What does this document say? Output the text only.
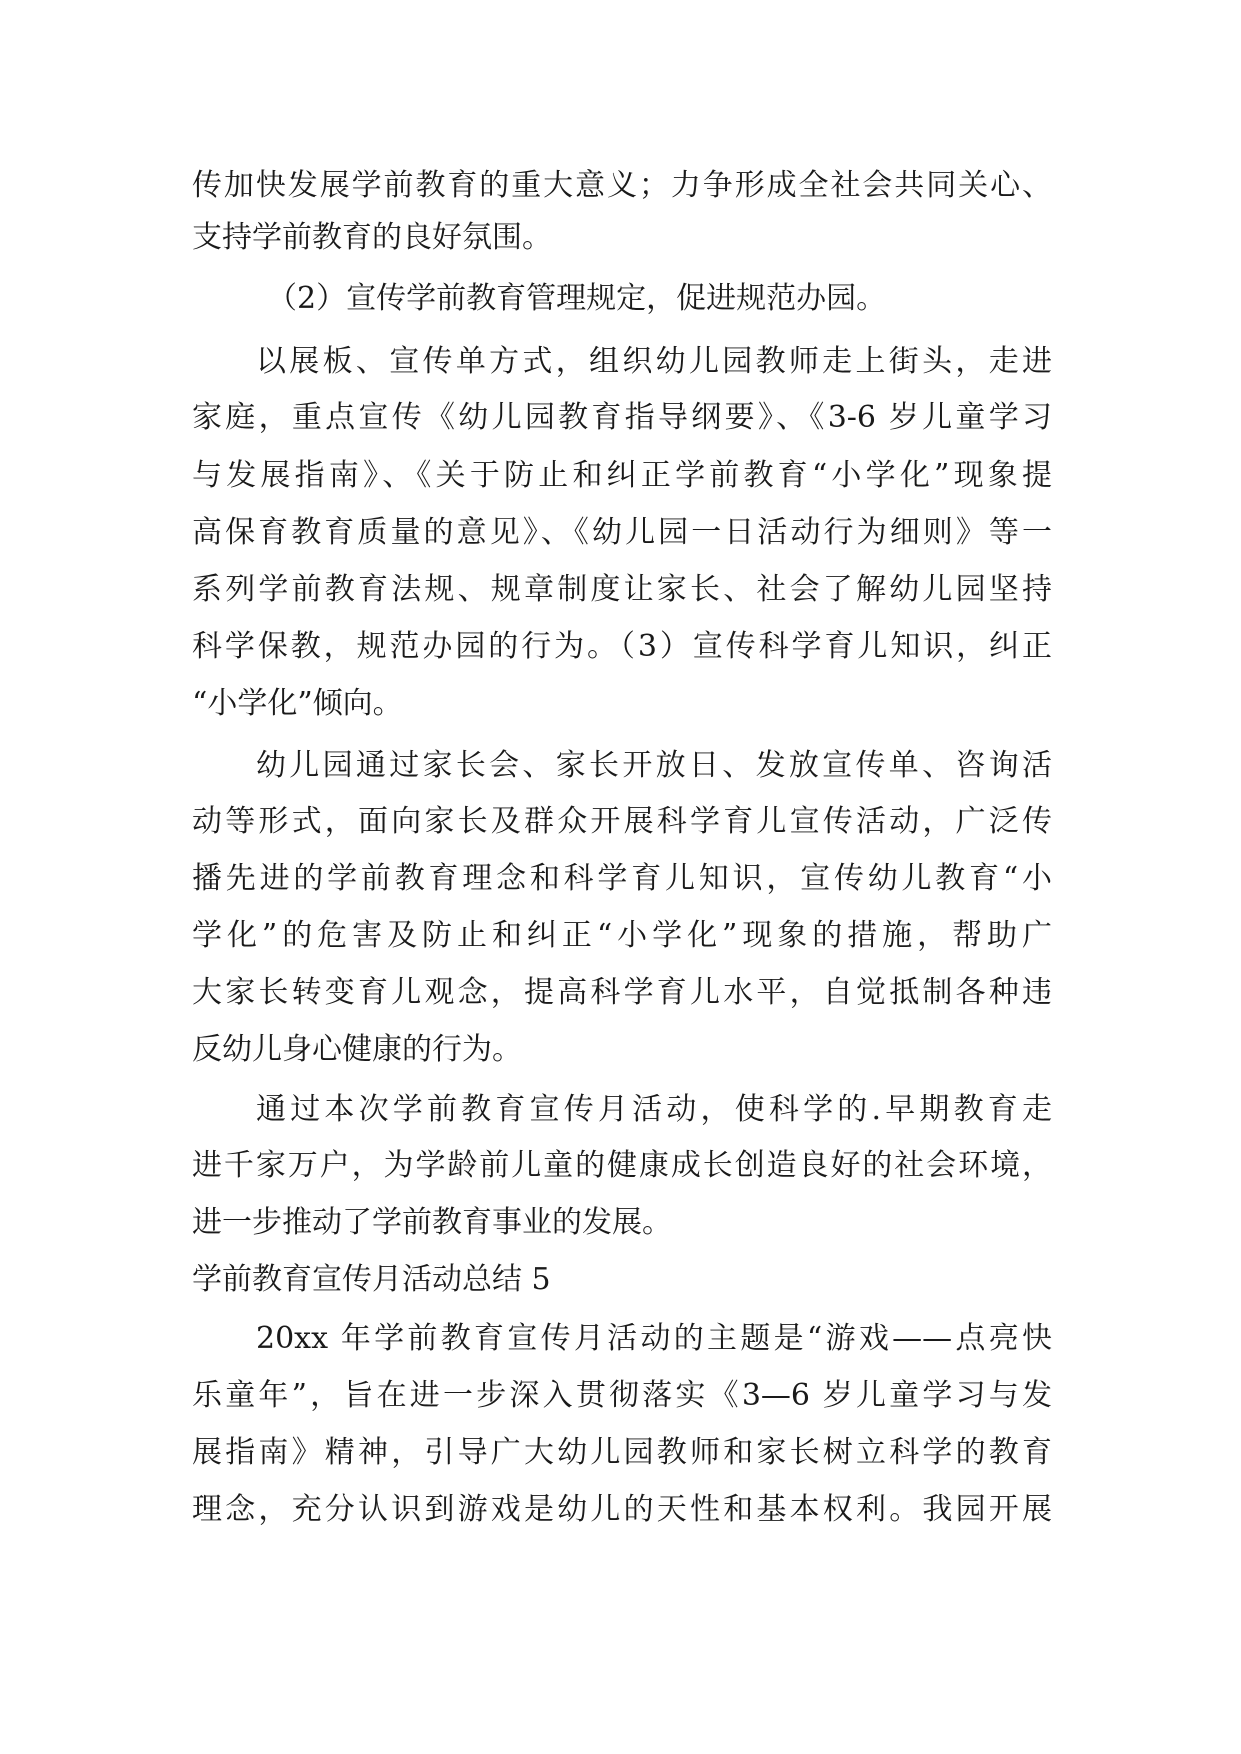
传加快发展学前教育的重大意义；力争形成全社会共同关心、
支持学前教育的良好氛围。
（2）宣传学前教育管理规定，促进规范办园。
以展板、宣传单方式，组织幼儿园教师走上街头，走进
家庭，重点宣传《幼儿园教育指导纲要》、《3-6 岁儿童学习
与发展指南》、《关于防止和纠正学前教育“小学化”现象提
高保育教育质量的意见》、《幼儿园一日活动行为细则》等一
系列学前教育法规、规章制度让家长、社会了解幼儿园坚持
科学保教，规范办园的行为。（3）宣传科学育儿知识，纠正
“小学化”倾向。
幼儿园通过家长会、家长开放日、发放宣传单、咨询活
动等形式，面向家长及群众开展科学育儿宣传活动，广泛传
播先进的学前教育理念和科学育儿知识，宣传幼儿教育“小
学化”的危害及防止和纠正“小学化”现象的措施，帮助广
大家长转变育儿观念，提高科学育儿水平，自觉抵制各种违
反幼儿身心健康的行为。
通过本次学前教育宣传月活动，使科学的.早期教育走
进千家万户，为学龄前儿童的健康成长创造良好的社会环境，
进一步推动了学前教育事业的发展。
学前教育宣传月活动总结 5
20xx 年学前教育宣传月活动的主题是“游戏——点亮快
乐童年”，旨在进一步深入贯彻落实《3—6 岁儿童学习与发
展指南》精神，引导广大幼儿园教师和家长树立科学的教育
理念，充分认识到游戏是幼儿的天性和基本权利。我园开展
